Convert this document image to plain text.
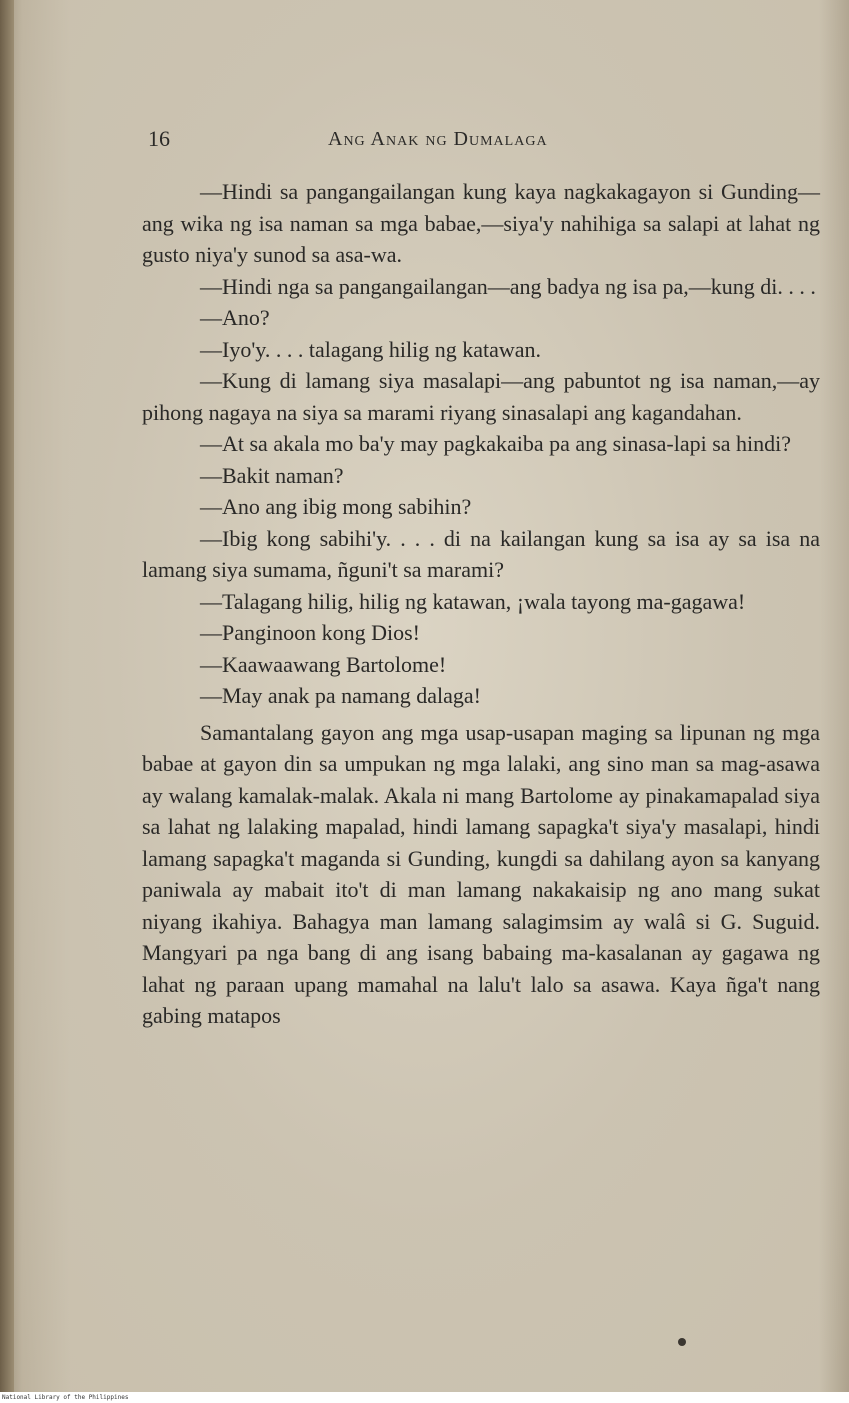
16	Ang Anak ng Dumalaga

—Hindi sa pangangailangan kung kaya nagkakagayon si Gunding—ang wika ng isa naman sa mga babae,—siya'y nahihiga sa salapi at lahat ng gusto niya'y sunod sa asa-wa.

—Hindi nga sa pangangailangan—ang badya ng isa pa,—kung di. . . .

—Ano?

—Iyo'y. . . . talagang hilig ng katawan.

—Kung di lamang siya masalapi—ang pabuntot ng isa naman,—ay pihong nagaya na siya sa marami riyang sinasalapi ang kagandahan.

—At sa akala mo ba'y may pagkakaiba pa ang sinasa-lapi sa hindi?

—Bakit naman?

—Ano ang ibig mong sabihin?

—Ibig kong sabihi'y. . . . di na kailangan kung sa isa ay sa isa na lamang siya sumama, ñguni't sa marami?

—Talagang hilig, hilig ng katawan, ¡wala tayong ma-gagawa!

—Panginoon kong Dios!

—Kaawaawang Bartolome!

—May anak pa namang dalaga!

Samantalang gayon ang mga usap-usapan maging sa lipunan ng mga babae at gayon din sa umpukan ng mga lalaki, ang sino man sa mag-asawa ay walang kamalak-malak. Akala ni mang Bartolome ay pinakamapalad siya sa lahat ng lalaking mapalad, hindi lamang sapagka't siya'y masalapi, hindi lamang sapagka't maganda si Gunding, kungdi sa dahilang ayon sa kanyang paniwala ay mabait ito't di man lamang nakakaisip ng ano mang sukat niyang ikahiya. Bahagya man lamang salagimsim ay walâ si G. Suguid. Mangyari pa nga bang di ang isang babaing ma-kasalanan ay gagawa ng lahat ng paraan upang mamahal na lalu't lalo sa asawa. Kaya ñga't nang gabing matapos

National Library of the Philippines
